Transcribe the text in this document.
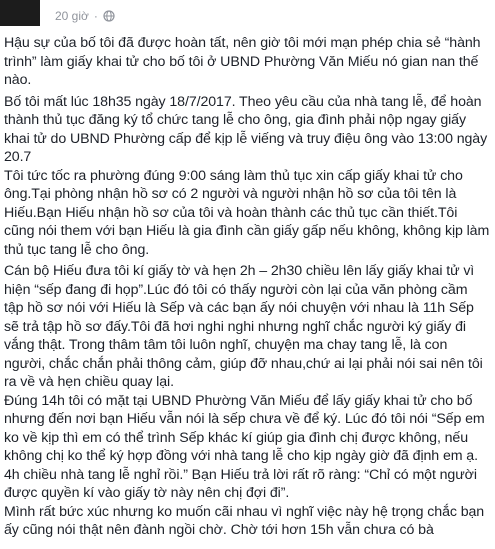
20 giờ ·

Hậu sự của bố tôi đã được hoàn tất, nên giờ tôi mới mạn phép chia sẻ “hành trình” làm giấy khai tử cho bố tôi ở UBND Phường Văn Miếu nó gian nan thế nào.

Bố tôi mất lúc 18h35 ngày 18/7/2017. Theo yêu cầu của nhà tang lễ, để hoàn thành thủ tục đăng ký tổ chức tang lễ cho ông, gia đình phải nộp ngay giấy khai tử do UBND Phường cấp để kịp lễ viếng và truy điệu ông vào 13:00 ngày 20.7

Tôi tức tốc ra phường đúng 9:00 sáng làm thủ tục xin cấp giấy khai tử cho ông.Tại phòng nhận hồ sơ có 2 người và người nhận hồ sơ của tôi tên là Hiếu.Bạn Hiếu nhận hồ sơ của tôi và hoàn thành các thủ tục cần thiết.Tôi cũng nói them với bạn Hiếu là gia đình cần giấy gấp nếu không, không kịp làm thủ tục tang lễ cho ông.

Cán bộ Hiếu đưa tôi kí giấy tờ và hẹn 2h – 2h30 chiều lên lấy giấy khai tử vì hiện “sếp đang đi họp”.Lúc đó tôi có thấy người còn lại của văn phòng cầm tập hồ sơ nói với Hiếu là Sếp và các bạn ấy nói chuyện với nhau là 11h Sếp sẽ trả tập hồ sơ đấy.Tôi đã hơi nghi nghi nhưng nghĩ chắc người ký giấy đi vắng thật. Trong thâm tâm tôi luôn nghĩ, chuyện ma chay tang lễ, là con người, chắc chắn phải thông cảm, giúp đỡ nhau,chứ ai lại phải nói sai nên tôi ra về và hẹn chiều quay lại.

Đúng 14h tôi có mặt tại UBND Phường Văn Miếu để lấy giấy khai tử cho bố nhưng đến nơi bạn Hiếu vẫn nói là sếp chưa về để ký. Lúc đó tôi nói “Sếp em ko về kịp thì em có thể trình Sếp khác kí giúp gia đình chị được không, nếu không chị ko thể ký hợp đồng với nhà tang lễ cho kịp ngày giờ đã định em ạ. 4h chiều nhà tang lễ nghỉ rồi.” Bạn Hiếu trả lời rất rõ ràng: “Chỉ có một người được quyền kí vào giấy tờ này nên chị đợi đi”.

Mình rất bức xúc nhưng ko muốn cãi nhau vì nghĩ việc này hệ trọng chắc bạn ấy cũng nói thật nên đành ngồi chờ. Chờ tới hơn 15h vẫn chưa có bà
